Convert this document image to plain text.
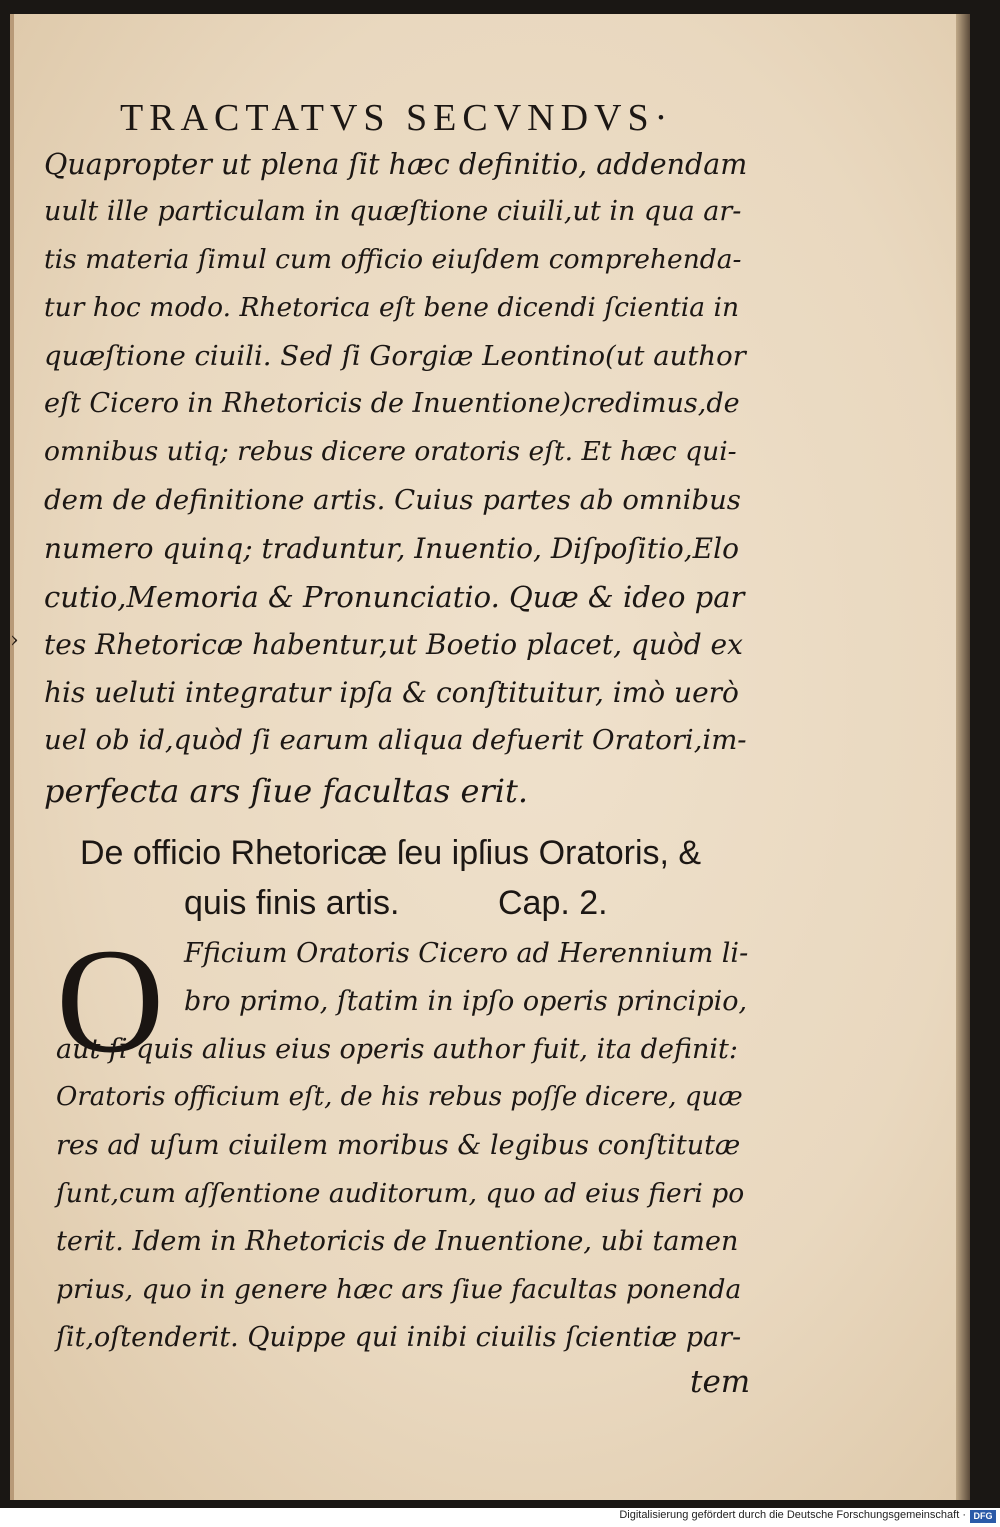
TRACTATVS SECVNDVS·
Quapropter ut plena ſit hæc definitio, addendam
uult ille particulam in quæſtione ciuili,ut in qua ar-
tis materia ſimul cum officio eiuſdem comprehenda-
tur hoc modo. Rhetorica eſt bene dicendi ſcientia in
quæſtione ciuili. Sed ſi Gorgiæ Leontino(ut author
eſt Cicero in Rhetoricis de Inuentione)credimus,de
omnibus utiq; rebus dicere oratoris eſt. Et hæc qui-
dem de definitione artis. Cuius partes ab omnibus
numero quinq; traduntur, Inuentio, Diſpoſitio,Elo
cutio,Memoria & Pronunciatio. Quæ & ideo par
tes Rhetoricæ habentur,ut Boetio placet, quòd ex
his ueluti integratur ipſa & conſtituitur, imò uerò
uel ob id,quòd ſi earum aliqua defuerit Oratori,im-
perfecta ars ſiue facultas erit.
›
De officio Rhetoricæ ſeu ipſius Oratoris, &
quis finis artis.	Cap. 2.
O Fficium Oratoris Cicero ad Herennium li-
bro primo, ſtatim in ipſo operis principio,
aut ſi quis alius eius operis author fuit, ita definit:
Oratoris officium eſt, de his rebus poſſe dicere, quæ
res ad uſum ciuilem moribus & legibus conſtitutæ
ſunt,cum aſſentione auditorum, quo ad eius fieri po
terit. Idem in Rhetoricis de Inuentione, ubi tamen
prius, quo in genere hæc ars ſiue facultas ponenda
ſit,oſtenderit. Quippe qui inibi ciuilis ſcientiæ par-
tem
Digitalisierung gefördert durch die Deutsche Forschungsgemeinschaft · DFG
